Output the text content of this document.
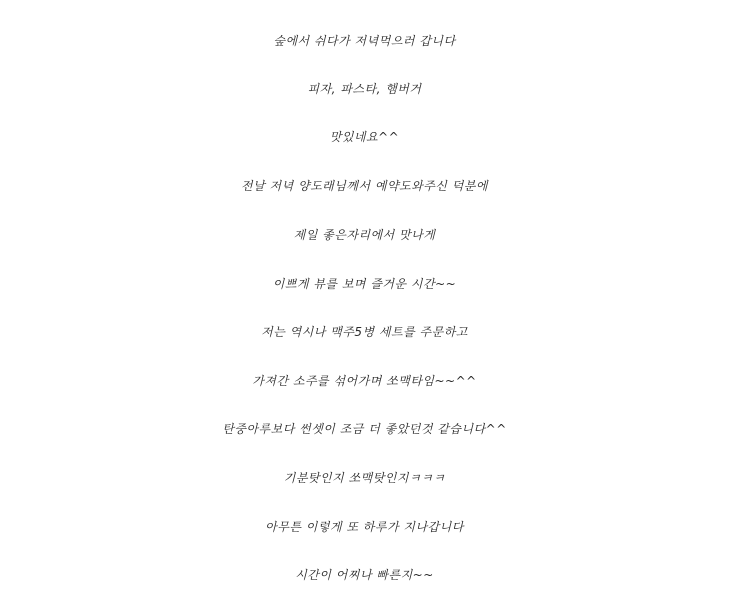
숲에서 쉬다가 저녁먹으러 갑니다
피자, 파스타, 햄버거
맛있네요^^
전날 저녁 양도래님께서 예약도와주신 덕분에
제일 좋은자리에서 맛나게
이쁘게 뷰를 보며 즐거운 시간~~
저는 역시나 맥주5병 세트를 주문하고
가져간 소주를 섞어가며 쏘맥타임~~^^
탄중아루보다 썬셋이 조금 더 좋았던것 같습니다^^
기분탓인지 쏘맥탓인지ㅋㅋㅋ
아무튼 이렇게 또 하루가 지나갑니다
시간이 어찌나 빠른지~~
